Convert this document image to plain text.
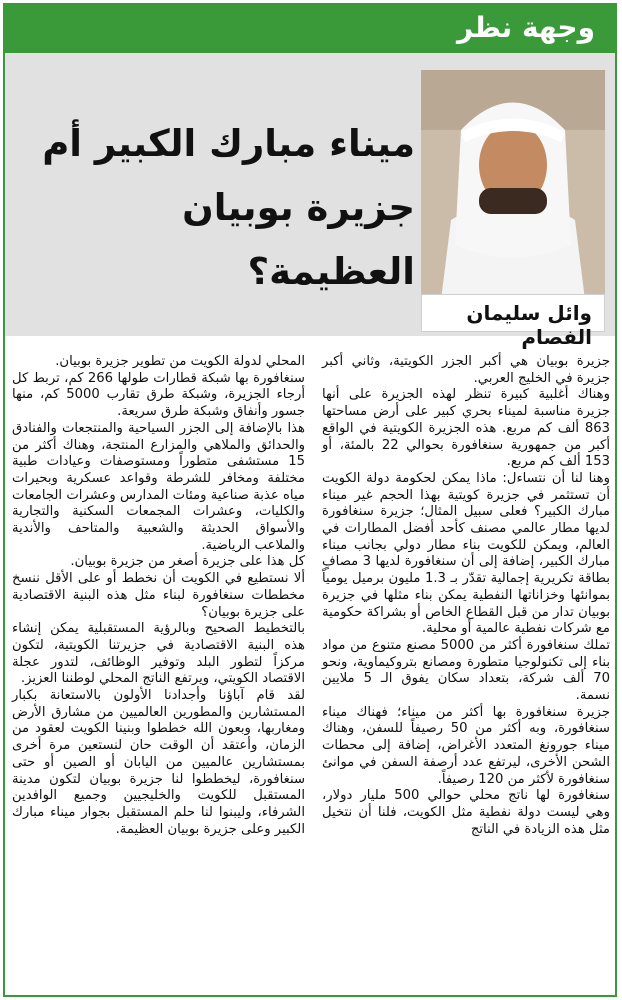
وجهة نظر
ميناء مبارك الكبير أم
جزيرة بوبيان العظيمة؟
وائل سليمان الفصام

جزيرة بوبيان هي أكبر الجزر الكويتية، وثاني أكبر جزيرة في الخليج العربي.

وهناك أغلبية كبيرة تنظر لهذه الجزيرة على أنها جزيرة مناسبة لميناء بحري كبير على أرض مساحتها 863 ألف كم مربع. هذه الجزيرة الكويتية في الواقع أكبر من جمهورية سنغافورة بحوالي 22 بالمئة، أو 153 ألف كم مربع.

وهنا لنا أن نتساءل: ماذا يمكن لحكومة دولة الكويت أن تستثمر في جزيرة كويتية بهذا الحجم غير ميناء مبارك الكبير؟ فعلى سبيل المثال؛ جزيرة سنغافورة لديها مطار عالمي مصنف كأحد أفضل المطارات في العالم، ويمكن للكويت بناء مطار دولي بجانب ميناء مبارك الكبير، إضافة إلى أن سنغافورة لديها 3 مصافٍ بطاقة تكريرية إجمالية تقدّر بـ 1.3 مليون برميل يومياً بموانئها وخزاناتها النفطية يمكن بناء مثلها في جزيرة بوبيان تدار من قبل القطاع الخاص أو بشراكة حكومية مع شركات نفطية عالمية أو محلية.

تملك سنغافورة أكثر من 5000 مصنع متنوع من مواد بناء إلى تكنولوجيا متطورة ومصانع بتروكيماوية، ونحو 70 ألف شركة، بتعداد سكان يفوق الـ 5 ملايين نسمة.

جزيرة سنغافورة بها أكثر من ميناء؛ فهناك ميناء سنغافورة، وبه أكثر من 50 رصيفاً للسفن، وهناك ميناء جورونغ المتعدد الأغراض، إضافة إلى محطات الشحن الأخرى، ليرتفع عدد أرصفة السفن في موانئ سنغافورة لأكثر من 120 رصيفاً.

سنغافورة لها ناتج محلي حوالي 500 مليار دولار، وهي ليست دولة نفطية مثل الكويت، فلنا أن نتخيل مثل هذه الزيادة في الناتج

المحلي لدولة الكويت من تطوير جزيرة بوبيان.

سنغافورة بها شبكة قطارات طولها 266 كم، تربط كل أرجاء الجزيرة، وشبكة طرق تقارب 5000 كم، منها جسور وأنفاق وشبكة طرق سريعة.

هذا بالإضافة إلى الجزر السياحية والمنتجعات والفنادق والحدائق والملاهي والمزارع المنتجة، وهناك أكثر من 15 مستشفى متطوراً ومستوصفات وعيادات طبية مختلفة ومخافر للشرطة وقواعد عسكرية وبحيرات مياه عذبة صناعية ومئات المدارس وعشرات الجامعات والكليات، وعشرات المجمعات السكنية والتجارية والأسواق الحديثة والشعبية والمتاحف والأندية والملاعب الرياضية.

كل هذا على جزيرة أصغر من جزيرة بوبيان.

ألا نستطيع في الكويت أن نخطط أو على الأقل ننسخ مخططات سنغافورة لبناء مثل هذه البنية الاقتصادية على جزيرة بوبيان؟

بالتخطيط الصحيح وبالرؤية المستقبلية يمكن إنشاء هذه البنية الاقتصادية في جزيرتنا الكويتية، لتكون مركزاً لتطور البلد وتوفير الوظائف، لتدور عجلة الاقتصاد الكويتي، ويرتفع الناتج المحلي لوطننا العزيز.

لقد قام آباؤنا وأجدادنا الأولون بالاستعانة بكبار المستشارين والمطورين العالميين من مشارق الأرض ومغاربها، وبعون الله خططوا وبنينا الكويت لعقود من الزمان، وأعتقد أن الوقت حان لنستعين مرة أخرى بمستشارين عالميين من اليابان أو الصين أو حتى سنغافورة، ليخططوا لنا جزيرة بوبيان لتكون مدينة المستقبل للكويت والخليجيين وجميع الوافدين الشرفاء، وليبنوا لنا حلم المستقبل بجوار ميناء مبارك الكبير وعلى جزيرة بوبيان العظيمة.
